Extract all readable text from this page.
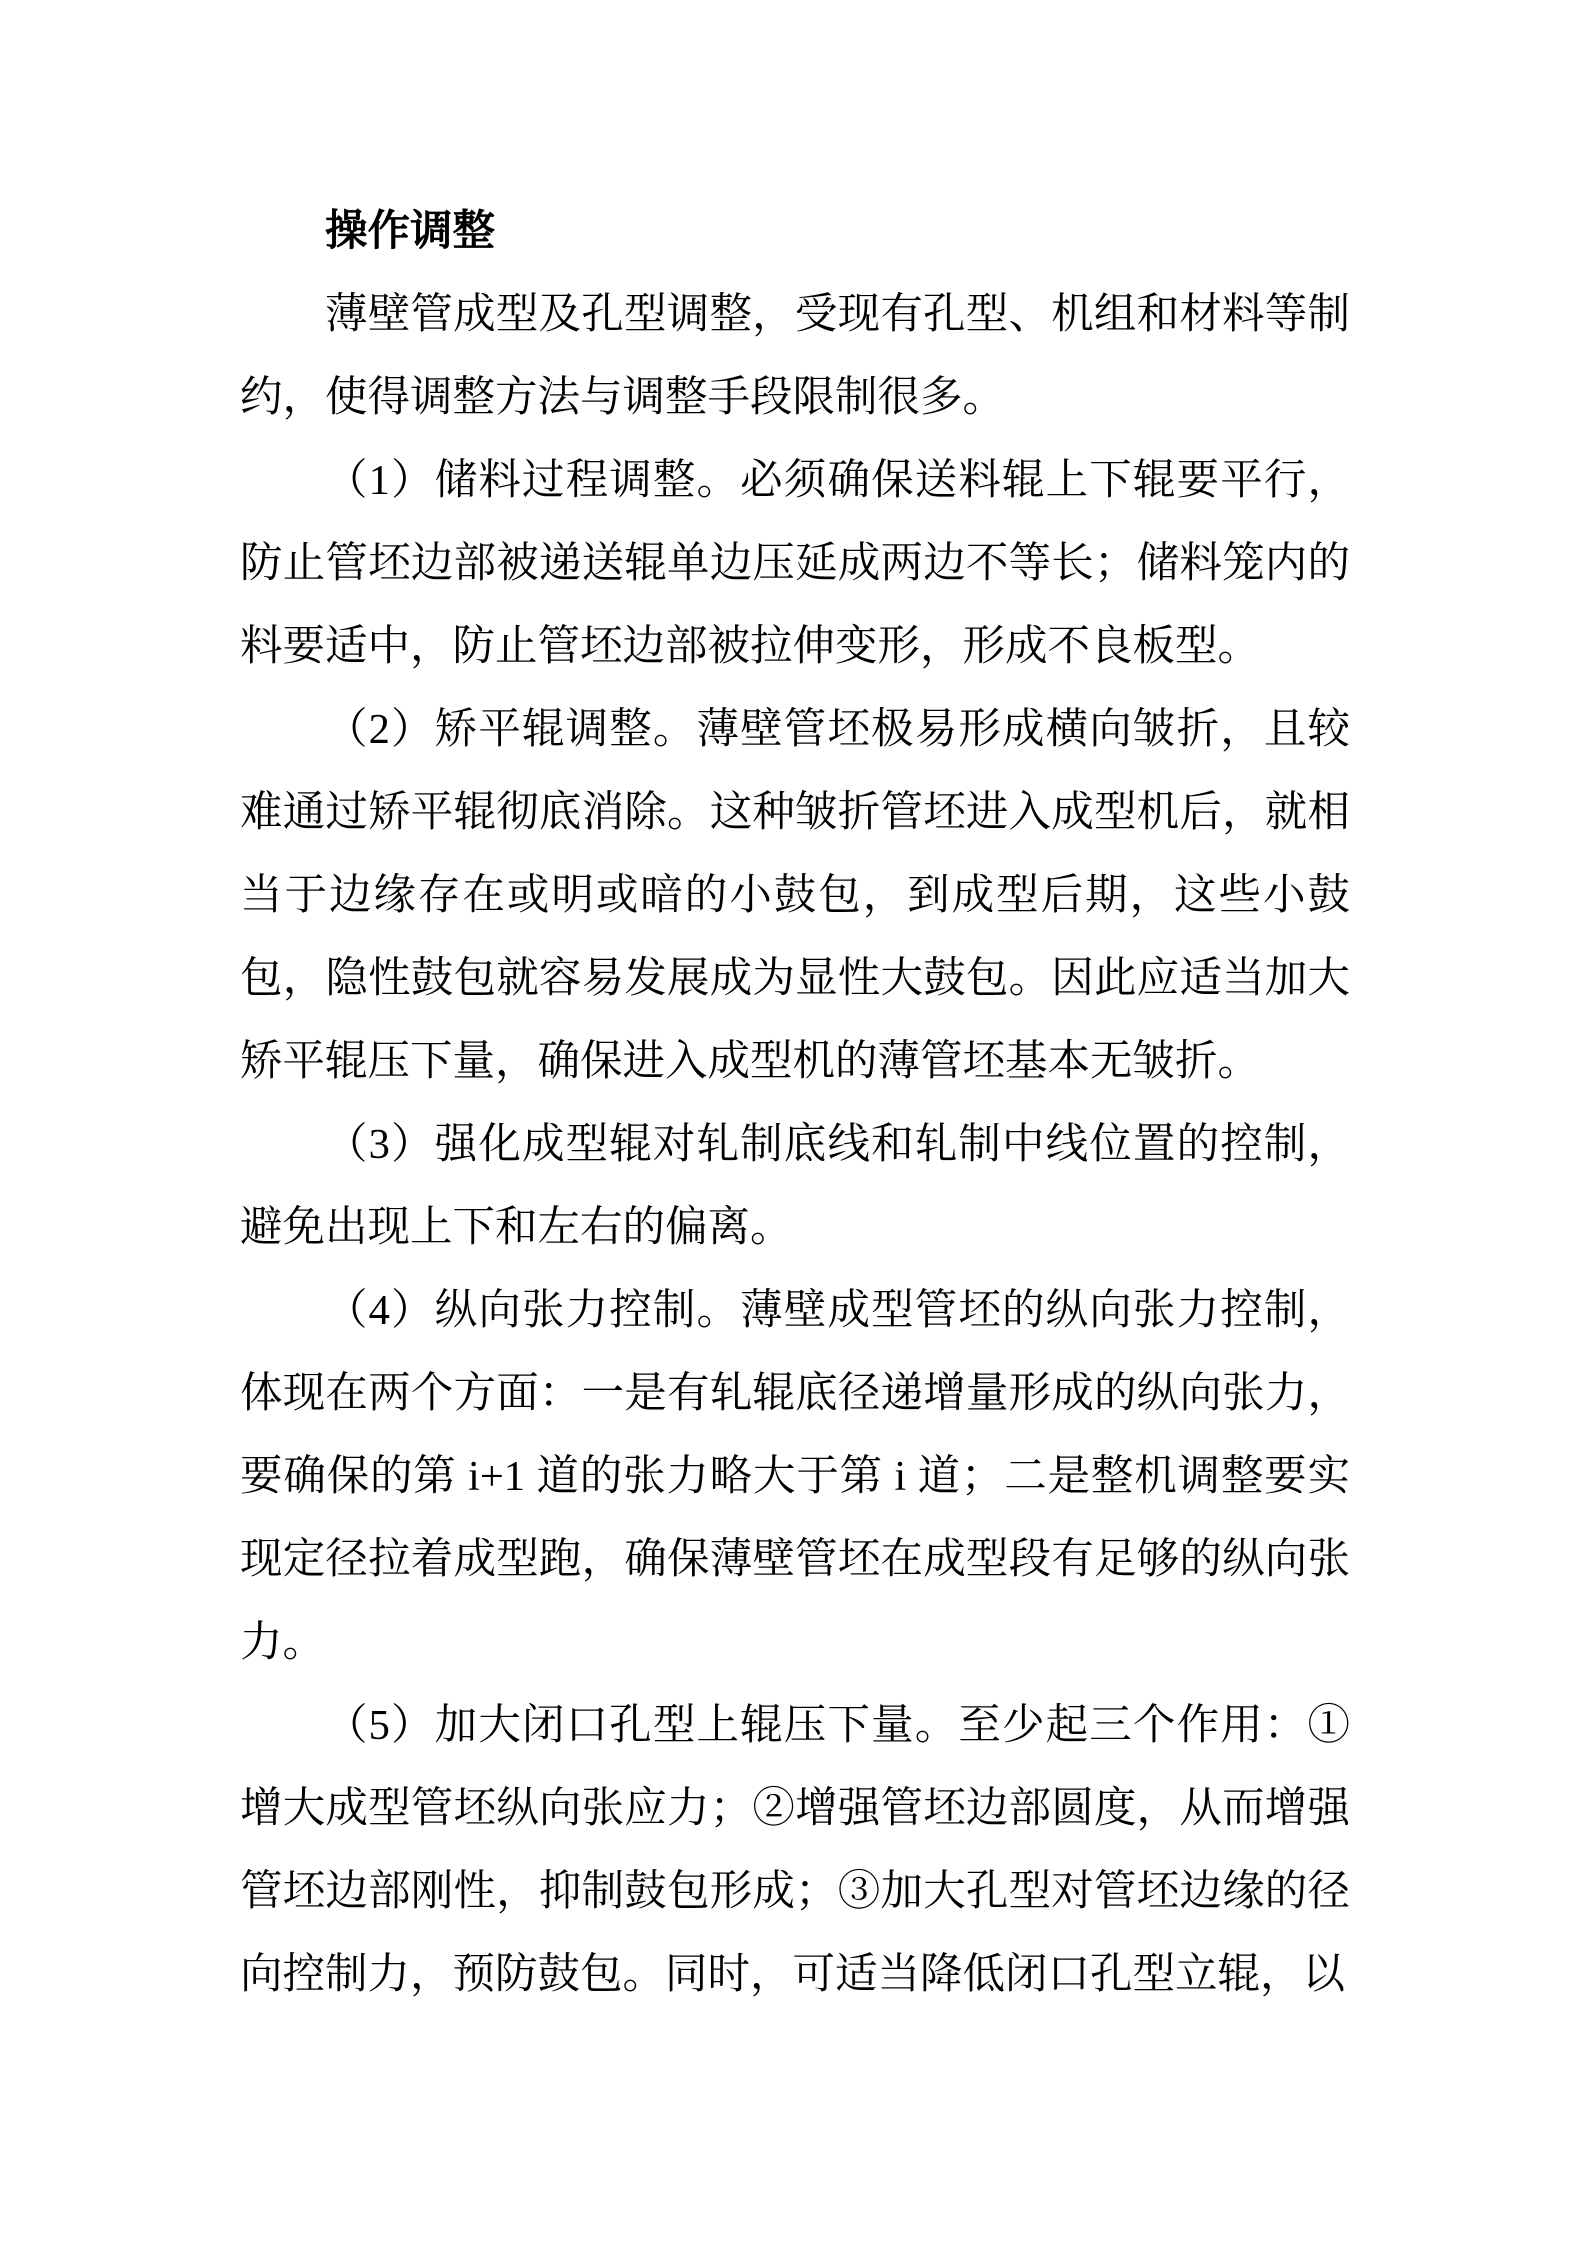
操作调整

薄壁管成型及孔型调整，受现有孔型、机组和材料等制约，使得调整方法与调整手段限制很多。

（1）储料过程调整。必须确保送料辊上下辊要平行，防止管坯边部被递送辊单边压延成两边不等长；储料笼内的料要适中，防止管坯边部被拉伸变形，形成不良板型。

（2）矫平辊调整。薄壁管坯极易形成横向皱折，且较难通过矫平辊彻底消除。这种皱折管坯进入成型机后，就相当于边缘存在或明或暗的小鼓包，到成型后期，这些小鼓包，隐性鼓包就容易发展成为显性大鼓包。因此应适当加大矫平辊压下量，确保进入成型机的薄管坯基本无皱折。

（3）强化成型辊对轧制底线和轧制中线位置的控制，避免出现上下和左右的偏离。

（4）纵向张力控制。薄壁成型管坯的纵向张力控制，体现在两个方面：一是有轧辊底径递增量形成的纵向张力，要确保的第 i+1 道的张力略大于第 i 道；二是整机调整要实现定径拉着成型跑，确保薄壁管坯在成型段有足够的纵向张力。

（5）加大闭口孔型上辊压下量。至少起三个作用：①增大成型管坯纵向张应力；②增强管坯边部圆度，从而增强管坯边部刚性，抑制鼓包形成；③加大孔型对管坯边缘的径向控制力，预防鼓包。同时，可适当降低闭口孔型立辊，以
